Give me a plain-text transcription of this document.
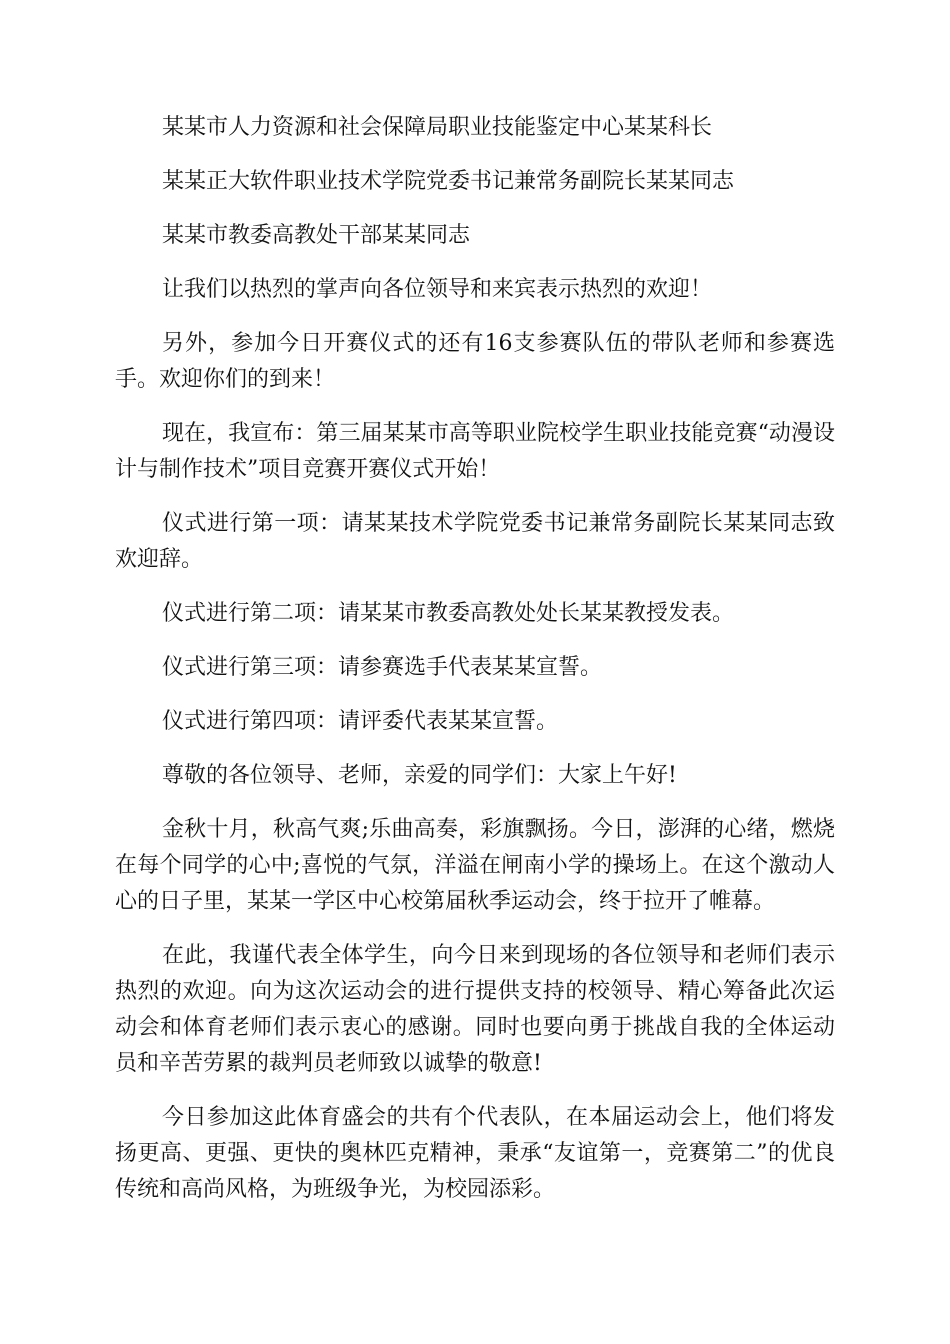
某某市人力资源和社会保障局职业技能鉴定中心某某科长

某某正大软件职业技术学院党委书记兼常务副院长某某同志

某某市教委高教处干部某某同志

让我们以热烈的掌声向各位领导和来宾表示热烈的欢迎！

另外，参加今日开赛仪式的还有16支参赛队伍的带队老师和参赛选手。欢迎你们的到来！

现在，我宣布：第三届某某市高等职业院校学生职业技能竞赛“动漫设计与制作技术”项目竞赛开赛仪式开始！

仪式进行第一项：请某某技术学院党委书记兼常务副院长某某同志致欢迎辞。

仪式进行第二项：请某某市教委高教处处长某某教授发表。

仪式进行第三项：请参赛选手代表某某宣誓。

仪式进行第四项：请评委代表某某宣誓。

尊敬的各位领导、老师，亲爱的同学们：大家上午好!

金秋十月，秋高气爽;乐曲高奏，彩旗飘扬。今日，澎湃的心绪，燃烧在每个同学的心中;喜悦的气氛，洋溢在闸南小学的操场上。在这个激动人心的日子里，某某一学区中心校第届秋季运动会，终于拉开了帷幕。

在此，我谨代表全体学生，向今日来到现场的各位领导和老师们表示热烈的欢迎。向为这次运动会的进行提供支持的校领导、精心筹备此次运动会和体育老师们表示衷心的感谢。同时也要向勇于挑战自我的全体运动员和辛苦劳累的裁判员老师致以诚挚的敬意!

今日参加这此体育盛会的共有个代表队，在本届运动会上，他们将发扬更高、更强、更快的奥林匹克精神，秉承“友谊第一，竞赛第二”的优良传统和高尚风格，为班级争光，为校园添彩。
